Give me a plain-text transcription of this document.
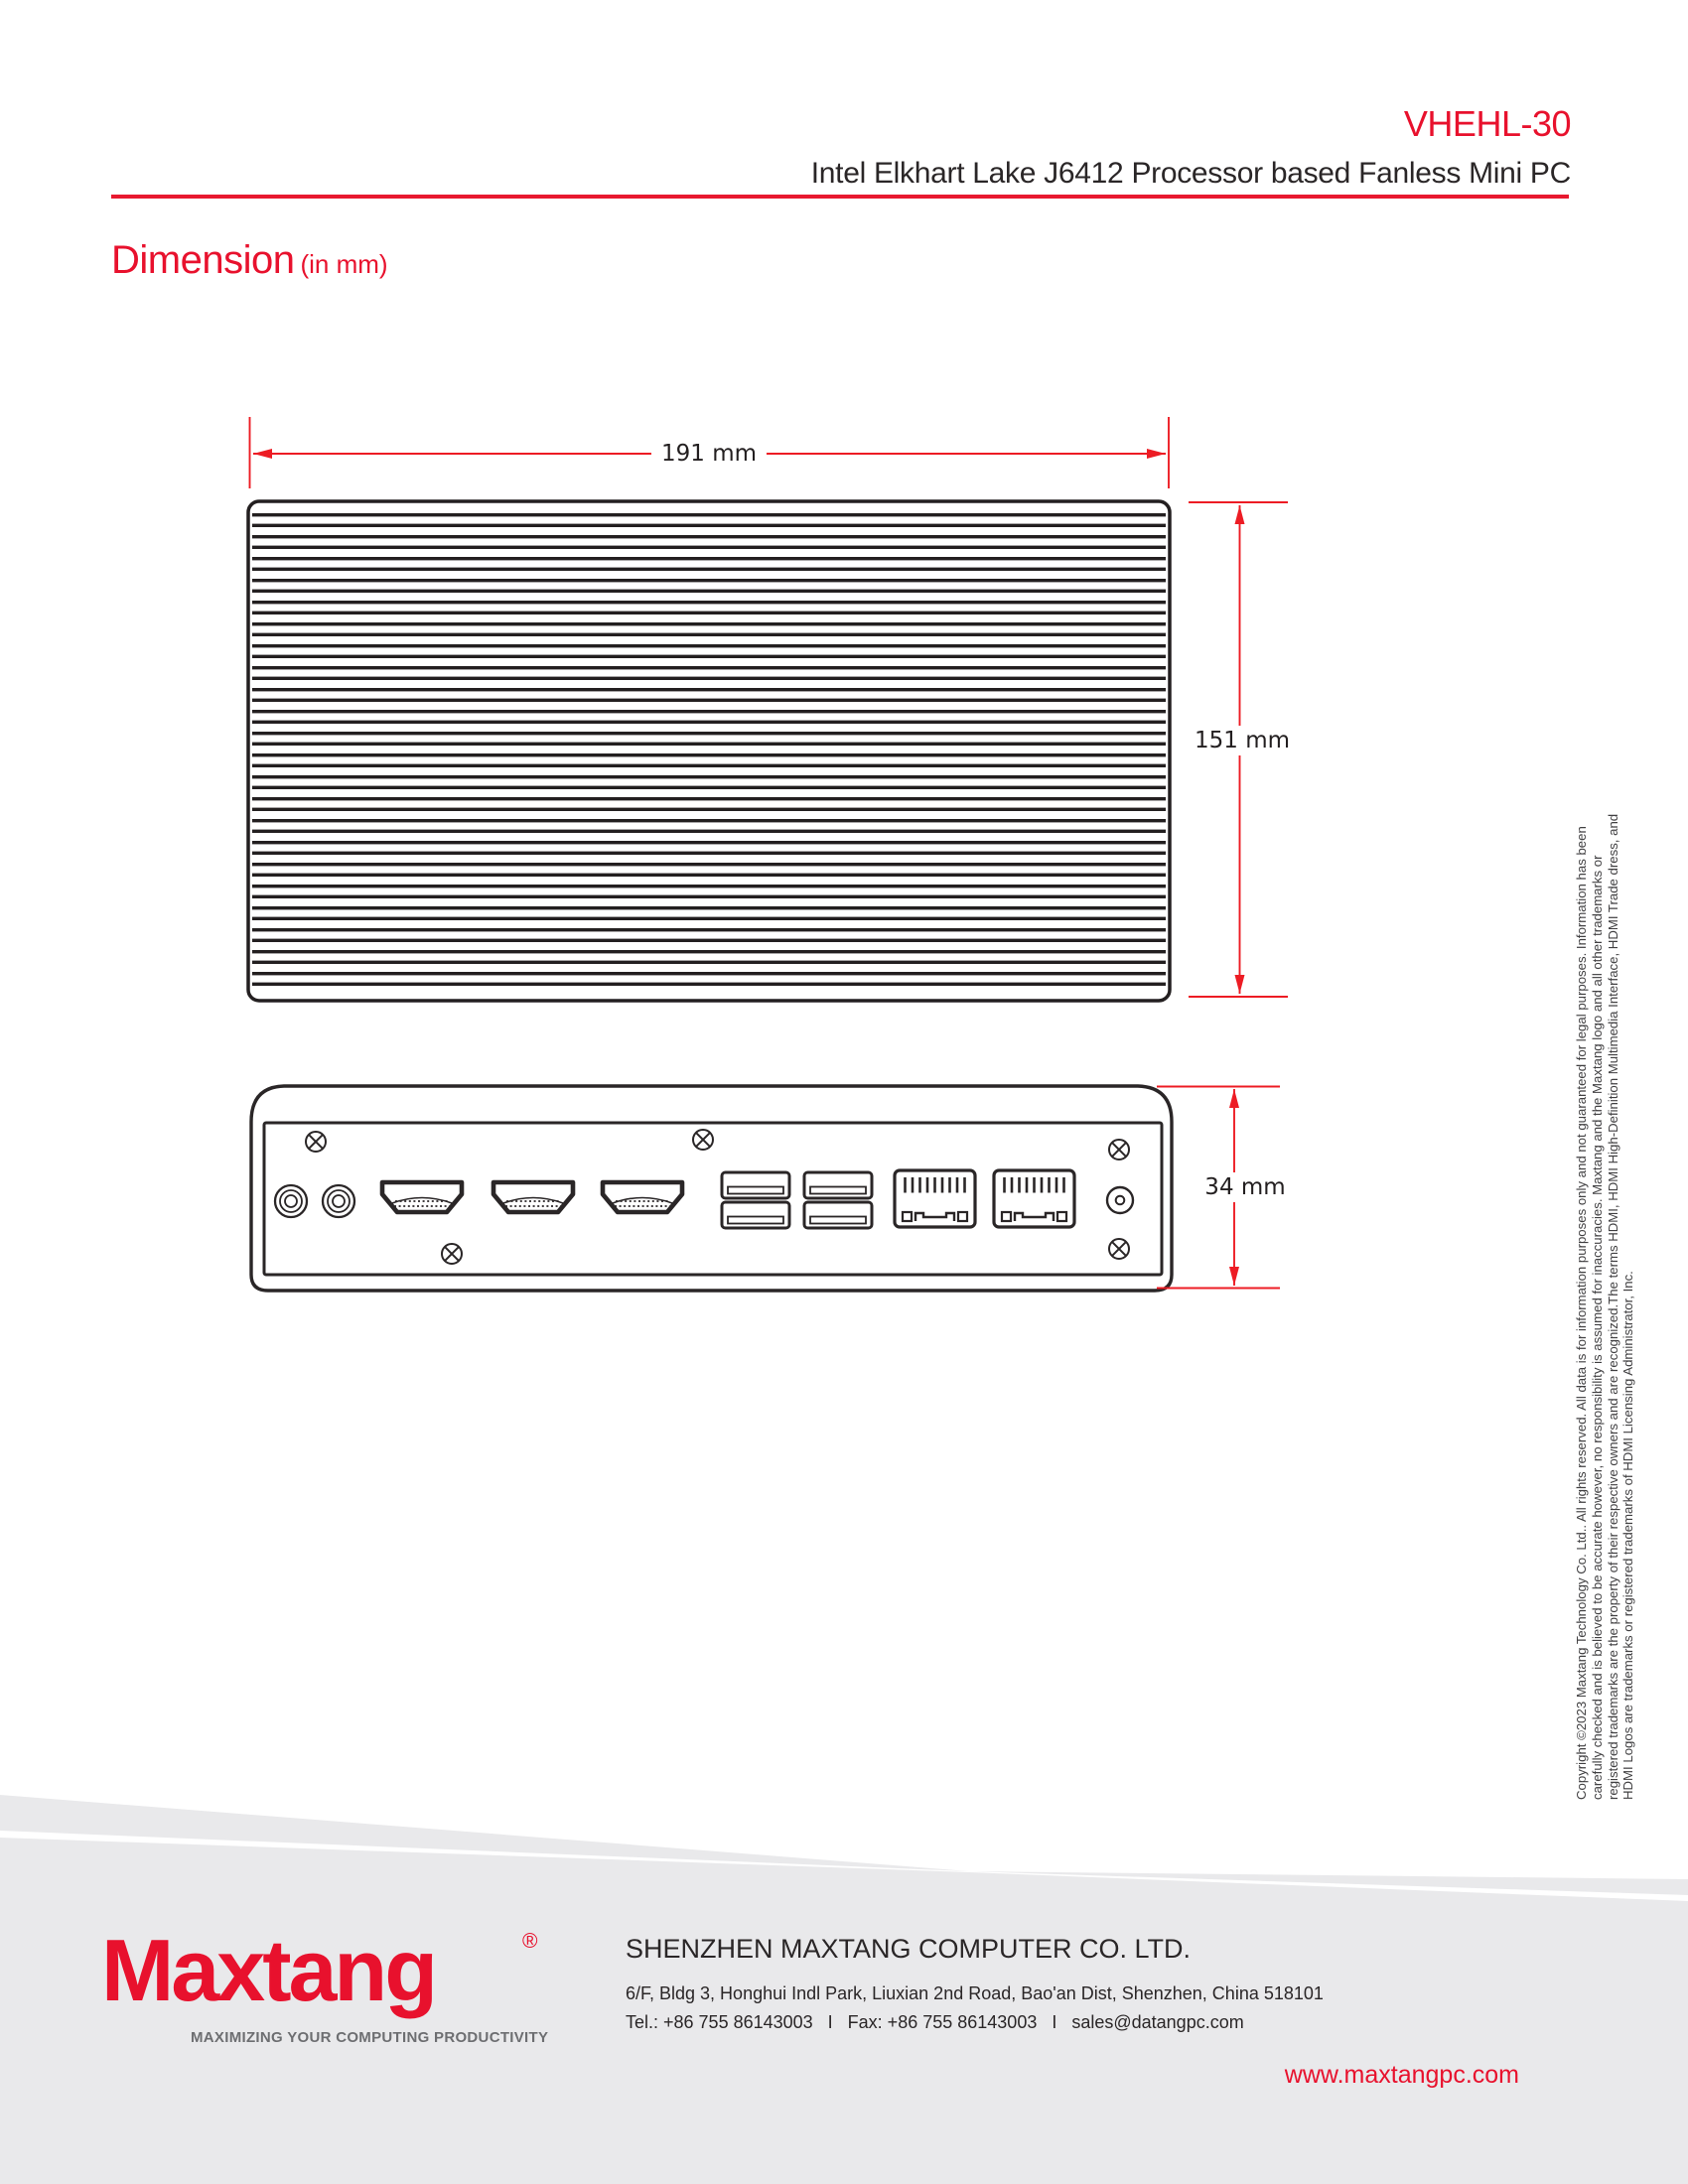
VHEHL-30
Intel Elkhart Lake J6412 Processor based Fanless Mini PC
Dimension (in mm)
191 mm
151 mm
34 mm	Copyright ©2023 Maxtang Technology Co. Ltd.. All rights reserved. All data is for information purposes only and not guaranteed for legal purposes. Information has been carefully checked and is believed to be accurate however, no responsibility is assumed for inaccuracies. Maxtang and the Maxtang logo and all other trademarks or registered trademarks are the property of their respective owners and are recognized.The terms HDMI, HDMI High-Definition Multimedia Interface, HDMI Trade dress, and HDMI Logos are trademarks or registered trademarks of HDMI Licensing Administrator, Inc.
Maxtang	®
MAXIMIZING YOUR COMPUTING PRODUCTIVITY
SHENZHEN MAXTANG COMPUTER CO. LTD.
6/F, Bldg 3, Honghui Indl Park, Liuxian 2nd Road, Bao'an Dist, Shenzhen, China 518101
Tel.: +86 755 86143003   I   Fax: +86 755 86143003   I   sales@datangpc.com
www.maxtangpc.com
